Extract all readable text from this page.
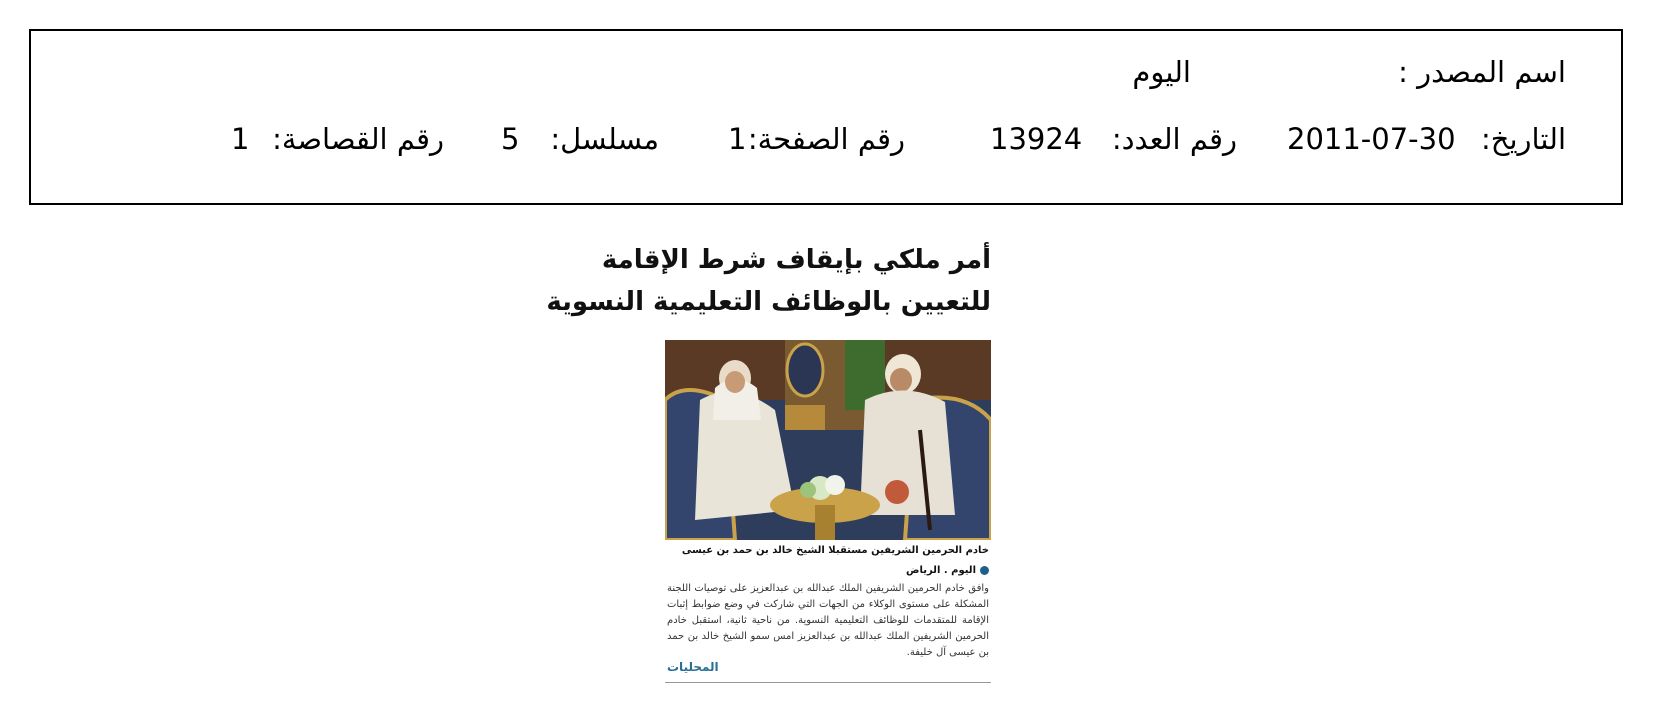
اسم المصدر :
اليوم
التاريخ:
2011-07-30
رقم العدد:
13924
رقم الصفحة:
1
مسلسل:
5
رقم القصاصة:
1
أمر ملكي بإيقاف شرط الإقامة
للتعيين بالوظائف التعليمية النسوية
خادم الحرمين الشريفين مستقبلا الشيخ خالد بن حمد بن عيسى
اليوم . الرياض
وافق خادم الحرمين الشريفين الملك عبدالله بن عبدالعزيز على توصيات اللجنة المشكلة على مستوى الوكلاء من الجهات التي شاركت في وضع ضوابط إثبات الإقامة للمتقدمات للوظائف التعليمية النسوية. من ناحية ثانية، استقبل خادم الحرمين الشريفين الملك عبدالله بن عبدالعزيز امس سمو الشيخ خالد بن حمد بن عيسى آل خليفة.
المحليات
